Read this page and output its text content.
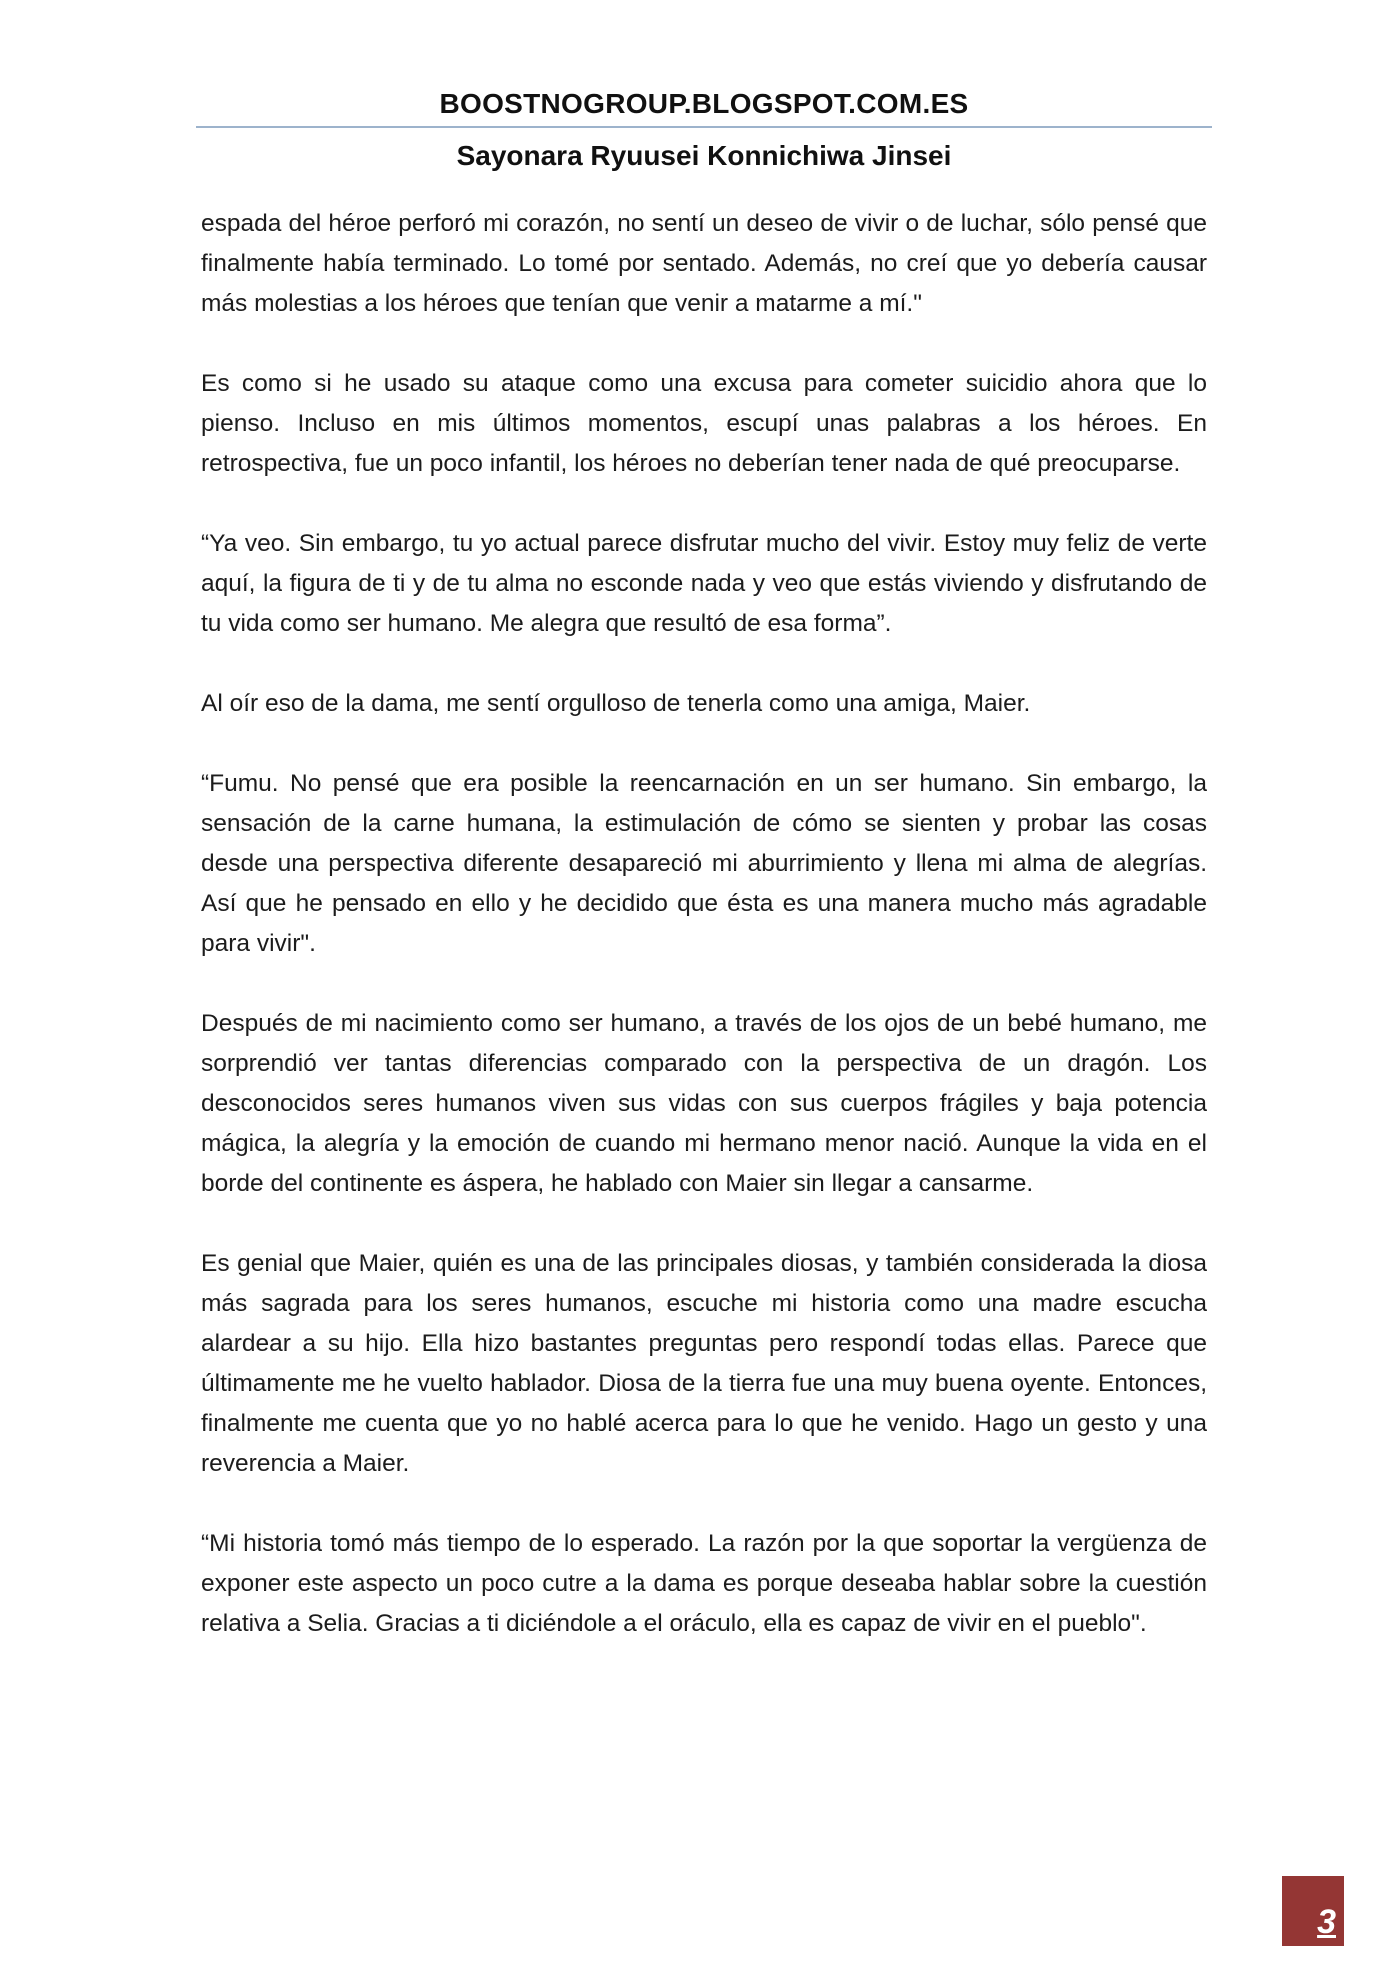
BOOSTNOGROUP.BLOGSPOT.COM.ES
Sayonara Ryuusei Konnichiwa Jinsei

espada del héroe perforó mi corazón, no sentí un deseo de vivir o de luchar, sólo pensé que finalmente había terminado. Lo tomé por sentado. Además, no creí que yo debería causar más molestias a los héroes que tenían que venir a matarme a mí."

Es como si he usado su ataque como una excusa para cometer suicidio ahora que lo pienso. Incluso en mis últimos momentos, escupí unas palabras a los héroes. En retrospectiva, fue un poco infantil, los héroes no deberían tener nada de qué preocuparse.

“Ya veo. Sin embargo, tu yo actual parece disfrutar mucho del vivir. Estoy muy feliz de verte aquí, la figura de ti y de tu alma no esconde nada y veo que estás viviendo y disfrutando de tu vida como ser humano. Me alegra que resultó de esa forma”.

Al oír eso de la dama, me sentí orgulloso de tenerla como una amiga, Maier.

“Fumu. No pensé que era posible la reencarnación en un ser humano. Sin embargo, la sensación de la carne humana, la estimulación de cómo se sienten y probar las cosas desde una perspectiva diferente desapareció mi aburrimiento y llena mi alma de alegrías. Así que he pensado en ello y he decidido que ésta es una manera mucho más agradable para vivir".

Después de mi nacimiento como ser humano, a través de los ojos de un bebé humano, me sorprendió ver tantas diferencias comparado con la perspectiva de un dragón. Los desconocidos seres humanos viven sus vidas con sus cuerpos frágiles y baja potencia mágica, la alegría y la emoción de cuando mi hermano menor nació. Aunque la vida en el borde del continente es áspera, he hablado con Maier sin llegar a cansarme.

Es genial que Maier, quién es una de las principales diosas, y también considerada la diosa más sagrada para los seres humanos, escuche mi historia como una madre escucha alardear a su hijo. Ella hizo bastantes preguntas pero respondí todas ellas. Parece que últimamente me he vuelto hablador. Diosa de la tierra fue una muy buena oyente. Entonces, finalmente me cuenta que yo no hablé acerca para lo que he venido. Hago un gesto y una reverencia a Maier.

“Mi historia tomó más tiempo de lo esperado. La razón por la que soportar la vergüenza de exponer este aspecto un poco cutre a la dama es porque deseaba hablar sobre la cuestión relativa a Selia. Gracias a ti diciéndole a el oráculo, ella es capaz de vivir en el pueblo".

3
